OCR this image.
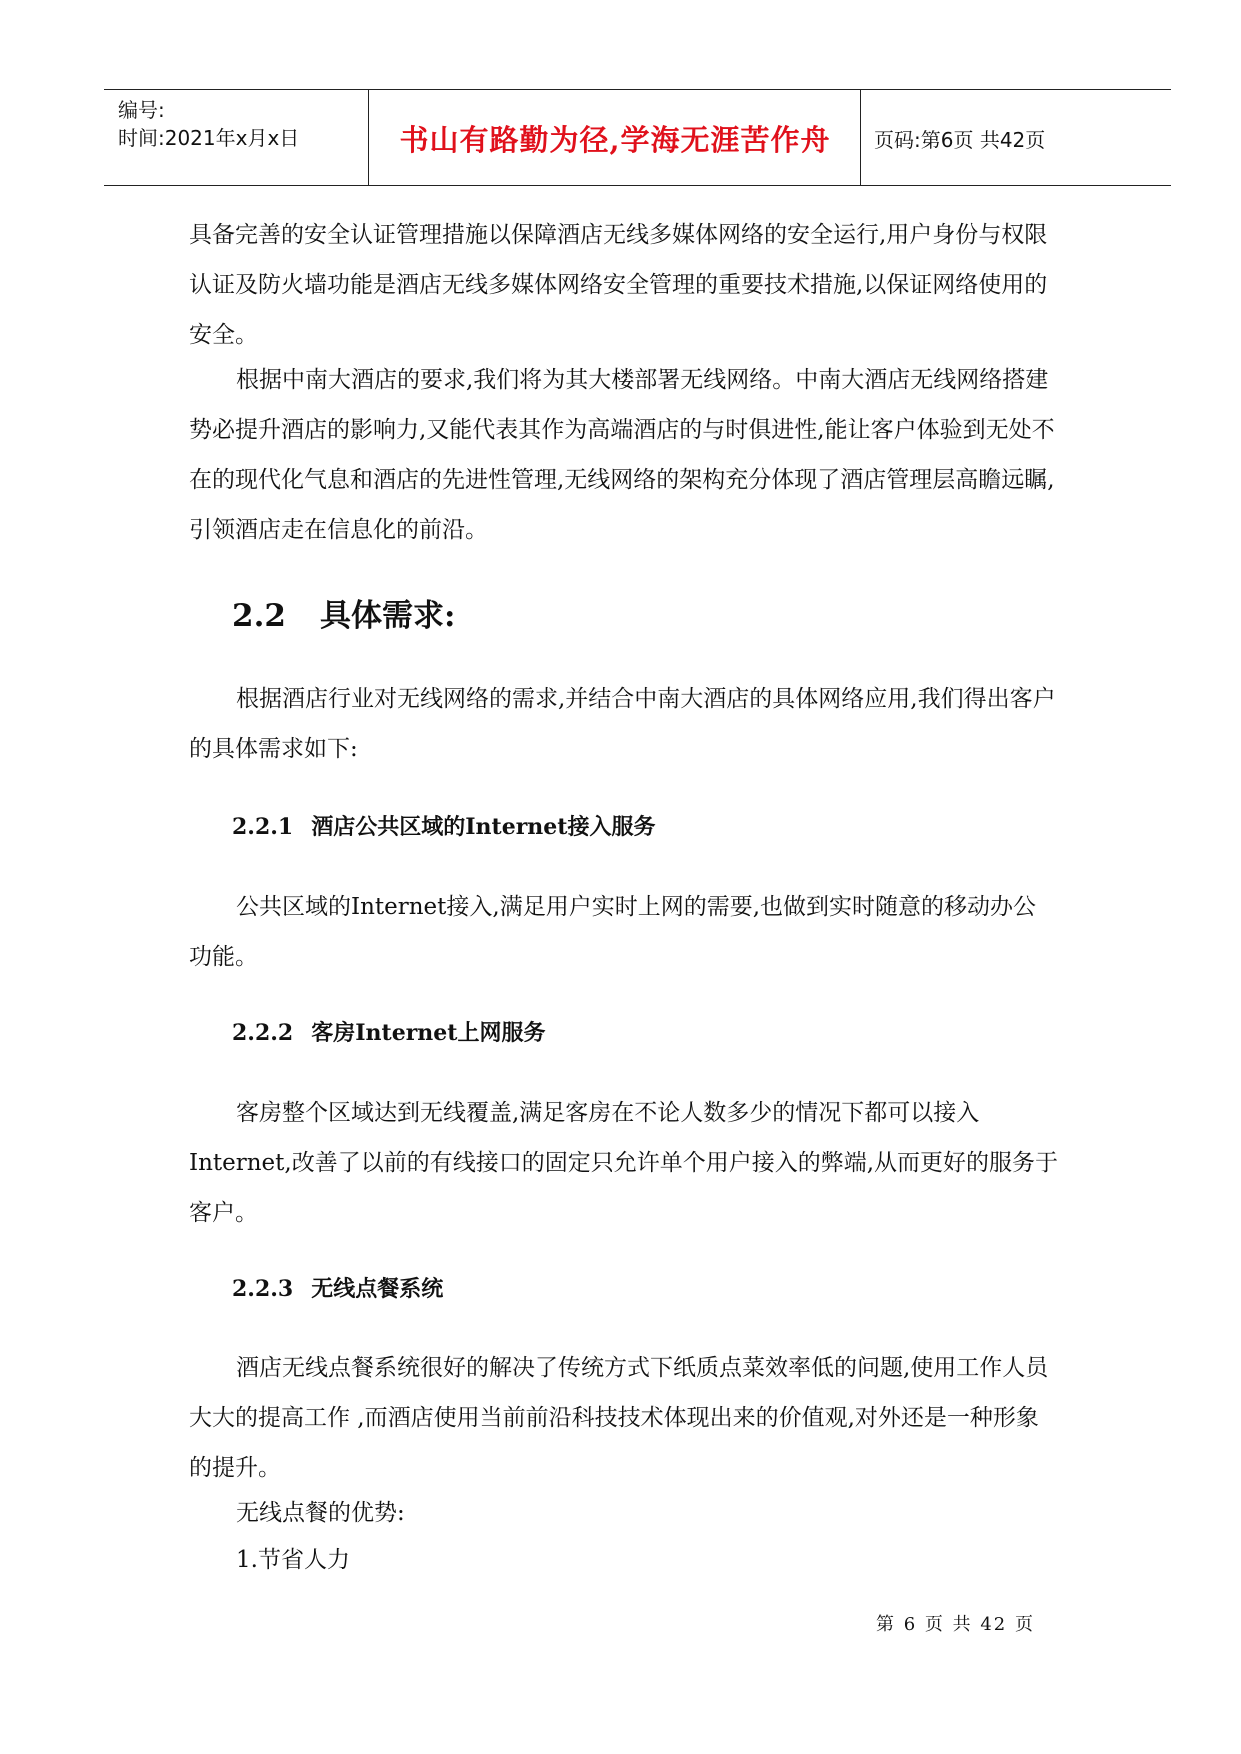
编号:
时间:2021年x月x日	书山有路勤为径,学海无涯苦作舟	页码:第6页 共42页

具备完善的安全认证管理措施以保障酒店无线多媒体网络的安全运行,用户身份与权限认证及防火墙功能是酒店无线多媒体网络安全管理的重要技术措施,以保证网络使用的安全。

根据中南大酒店的要求,我们将为其大楼部署无线网络。中南大酒店无线网络搭建势必提升酒店的影响力,又能代表其作为高端酒店的与时俱进性,能让客户体验到无处不在的现代化气息和酒店的先进性管理,无线网络的架构充分体现了酒店管理层高瞻远瞩,引领酒店走在信息化的前沿。

2.2 具体需求:

根据酒店行业对无线网络的需求,并结合中南大酒店的具体网络应用,我们得出客户的具体需求如下:

2.2.1 酒店公共区域的Internet接入服务

公共区域的Internet接入,满足用户实时上网的需要,也做到实时随意的移动办公功能。

2.2.2 客房Internet上网服务

客房整个区域达到无线覆盖,满足客房在不论人数多少的情况下都可以接入Internet,改善了以前的有线接口的固定只允许单个用户接入的弊端,从而更好的服务于客户。

2.2.3 无线点餐系统

酒店无线点餐系统很好的解决了传统方式下纸质点菜效率低的问题,使用工作人员大大的提高工作 ,而酒店使用当前前沿科技技术体现出来的价值观,对外还是一种形象的提升。

无线点餐的优势:

1.节省人力

第 6 页 共 42 页
